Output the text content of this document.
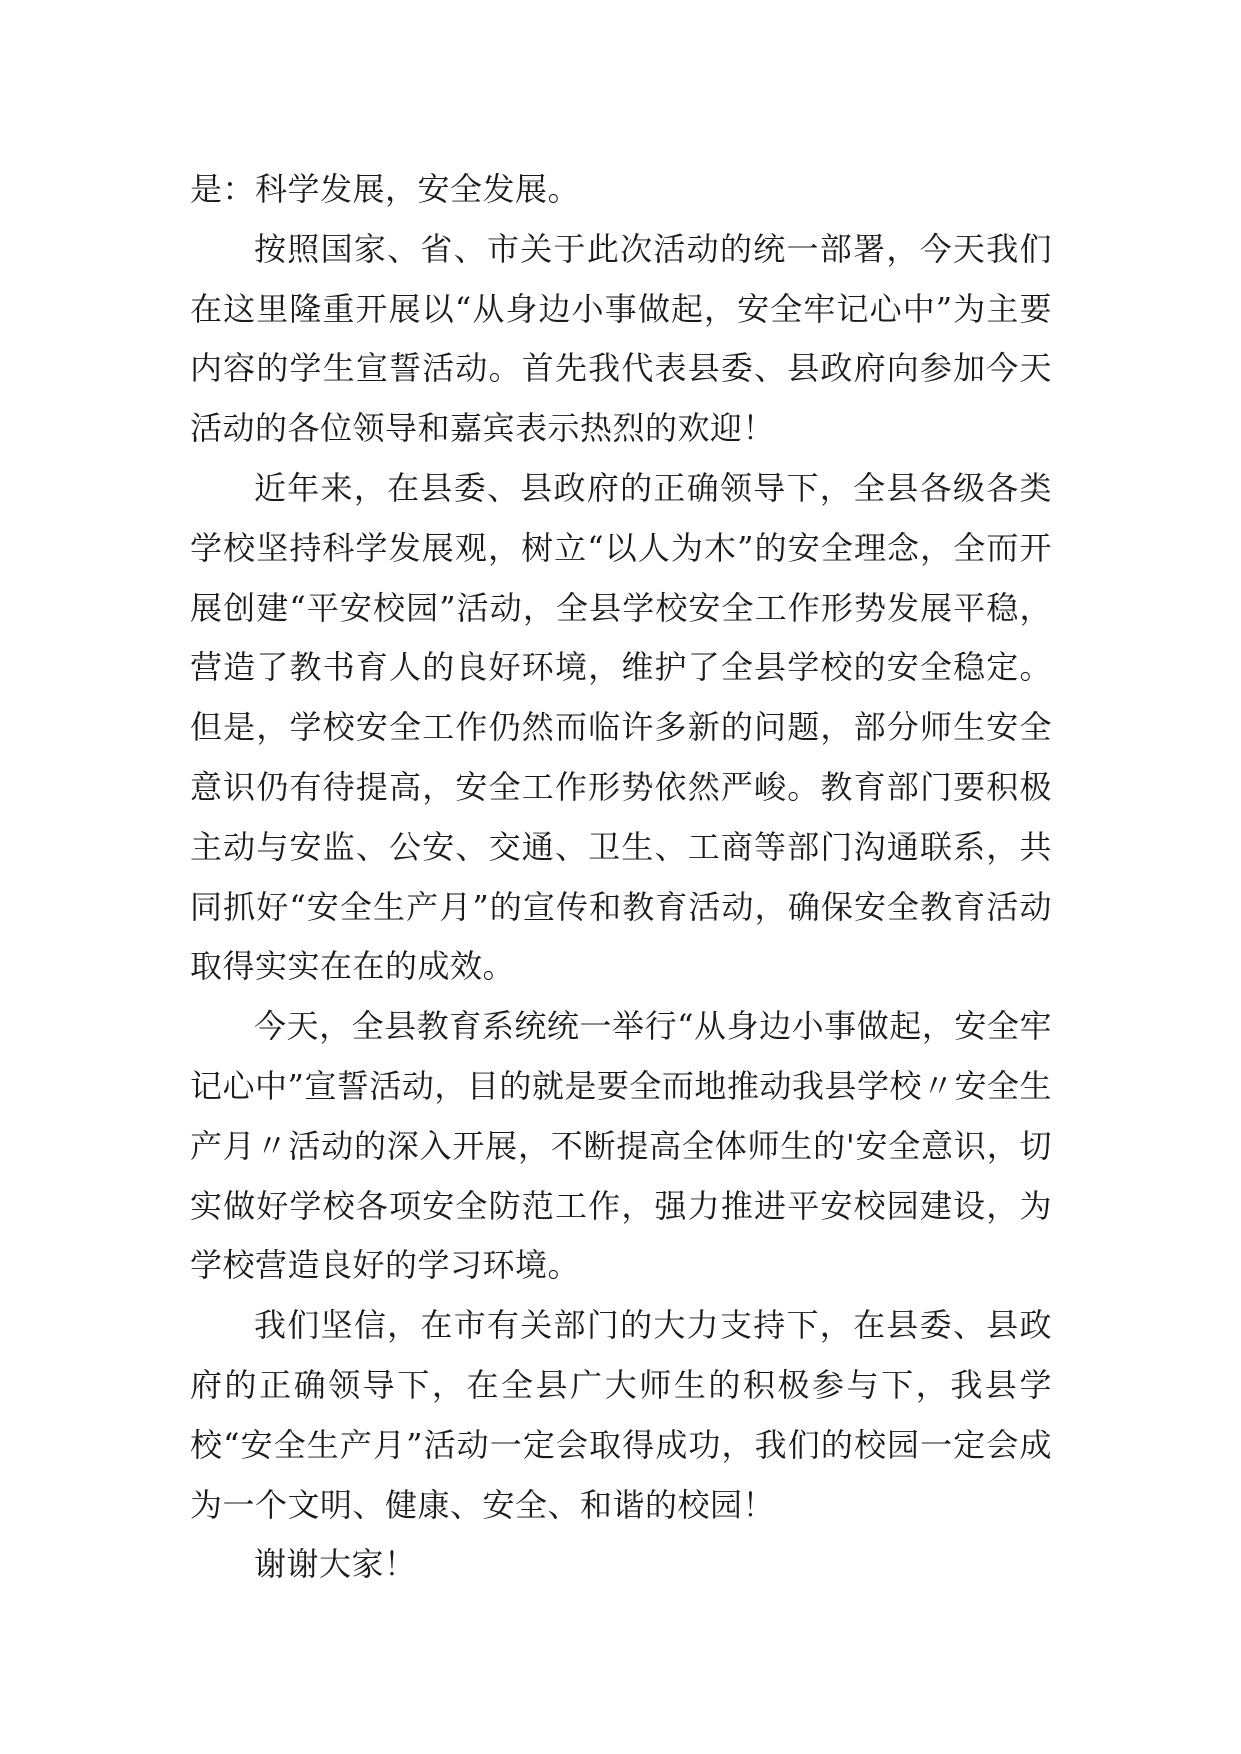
是：科学发展，安全发展。

按照国家、省、市关于此次活动的统一部署，今天我们在这里隆重开展以“从身边小事做起，安全牢记心中”为主要内容的学生宣誓活动。首先我代表县委、县政府向参加今天活动的各位领导和嘉宾表示热烈的欢迎！

近年来，在县委、县政府的正确领导下，全县各级各类学校坚持科学发展观，树立“以人为木”的安全理念，全而开展创建“平安校园”活动，全县学校安全工作形势发展平稳，营造了教书育人的良好环境，维护了全县学校的安全稳定。但是，学校安全工作仍然而临许多新的问题，部分师生安全意识仍有待提高，安全工作形势依然严峻。教育部门要积极主动与安监、公安、交通、卫生、工商等部门沟通联系，共同抓好“安全生产月”的宣传和教育活动，确保安全教育活动取得实实在在的成效。

今天，全县教育系统统一举行“从身边小事做起，安全牢记心中”宣誓活动，目的就是要全而地推动我县学校〃安全生产月〃活动的深入开展，不断提高全体师生的'安全意识，切实做好学校各项安全防范工作，强力推进平安校园建设，为学校营造良好的学习环境。

我们坚信，在市有关部门的大力支持下，在县委、县政府的正确领导下，在全县广大师生的积极参与下，我县学校“安全生产月”活动一定会取得成功，我们的校园一定会成为一个文明、健康、安全、和谐的校园！

谢谢大家！
